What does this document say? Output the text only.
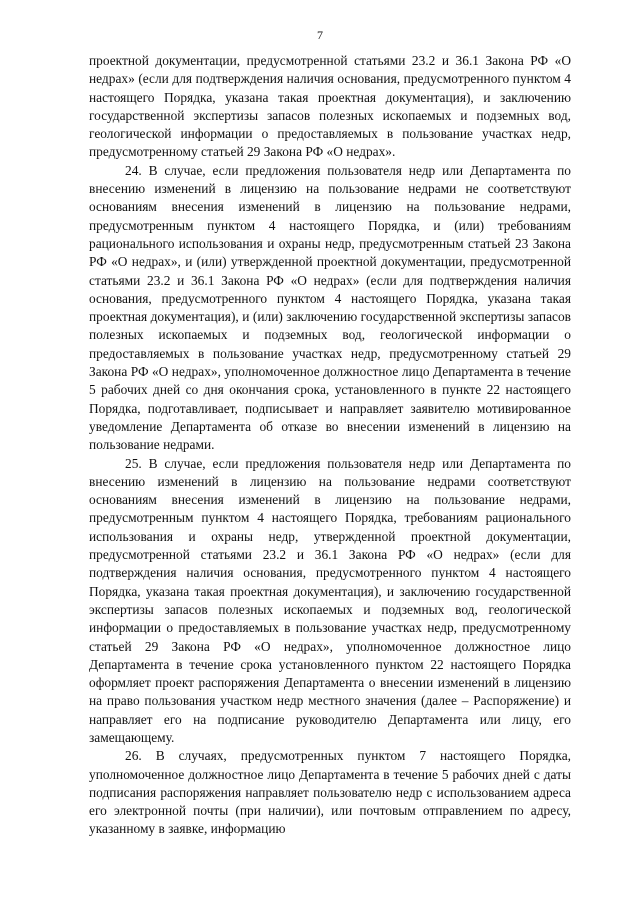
7

проектной документации, предусмотренной статьями 23.2 и 36.1 Закона РФ «О недрах» (если для подтверждения наличия основания, предусмотренного пунктом 4 настоящего Порядка, указана такая проектная документация), и заключению государственной экспертизы запасов полезных ископаемых и подземных вод, геологической информации о предоставляемых в пользование участках недр, предусмотренному статьей 29 Закона РФ «О недрах».

24. В случае, если предложения пользователя недр или Департамента по внесению изменений в лицензию на пользование недрами не соответствуют основаниям внесения изменений в лицензию на пользование недрами, предусмотренным пунктом 4 настоящего Порядка, и (или) требованиям рационального использования и охраны недр, предусмотренным статьей 23 Закона РФ «О недрах», и (или) утвержденной проектной документации, предусмотренной статьями 23.2 и 36.1 Закона РФ «О недрах» (если для подтверждения наличия основания, предусмотренного пунктом 4 настоящего Порядка, указана такая проектная документация), и (или) заключению государственной экспертизы запасов полезных ископаемых и подземных вод, геологической информации о предоставляемых в пользование участках недр, предусмотренному статьей 29 Закона РФ «О недрах», уполномоченное должностное лицо Департамента в течение 5 рабочих дней со дня окончания срока, установленного в пункте 22 настоящего Порядка, подготавливает, подписывает и направляет заявителю мотивированное уведомление Департамента об отказе во внесении изменений в лицензию на пользование недрами.

25. В случае, если предложения пользователя недр или Департамента по внесению изменений в лицензию на пользование недрами соответствуют основаниям внесения изменений в лицензию на пользование недрами, предусмотренным пунктом 4 настоящего Порядка, требованиям рационального использования и охраны недр, утвержденной проектной документации, предусмотренной статьями 23.2 и 36.1 Закона РФ «О недрах» (если для подтверждения наличия основания, предусмотренного пунктом 4 настоящего Порядка, указана такая проектная документация), и заключению государственной экспертизы запасов полезных ископаемых и подземных вод, геологической информации о предоставляемых в пользование участках недр, предусмотренному статьей 29 Закона РФ «О недрах», уполномоченное должностное лицо Департамента в течение срока установленного пунктом 22 настоящего Порядка оформляет проект распоряжения Департамента о внесении изменений в лицензию на право пользования участком недр местного значения (далее – Распоряжение) и направляет его на подписание руководителю Департамента или лицу, его замещающему.

26. В случаях, предусмотренных пунктом 7 настоящего Порядка, уполномоченное должностное лицо Департамента в течение 5 рабочих дней с даты подписания распоряжения направляет пользователю недр с использованием адреса его электронной почты (при наличии), или почтовым отправлением по адресу, указанному в заявке, информацию
